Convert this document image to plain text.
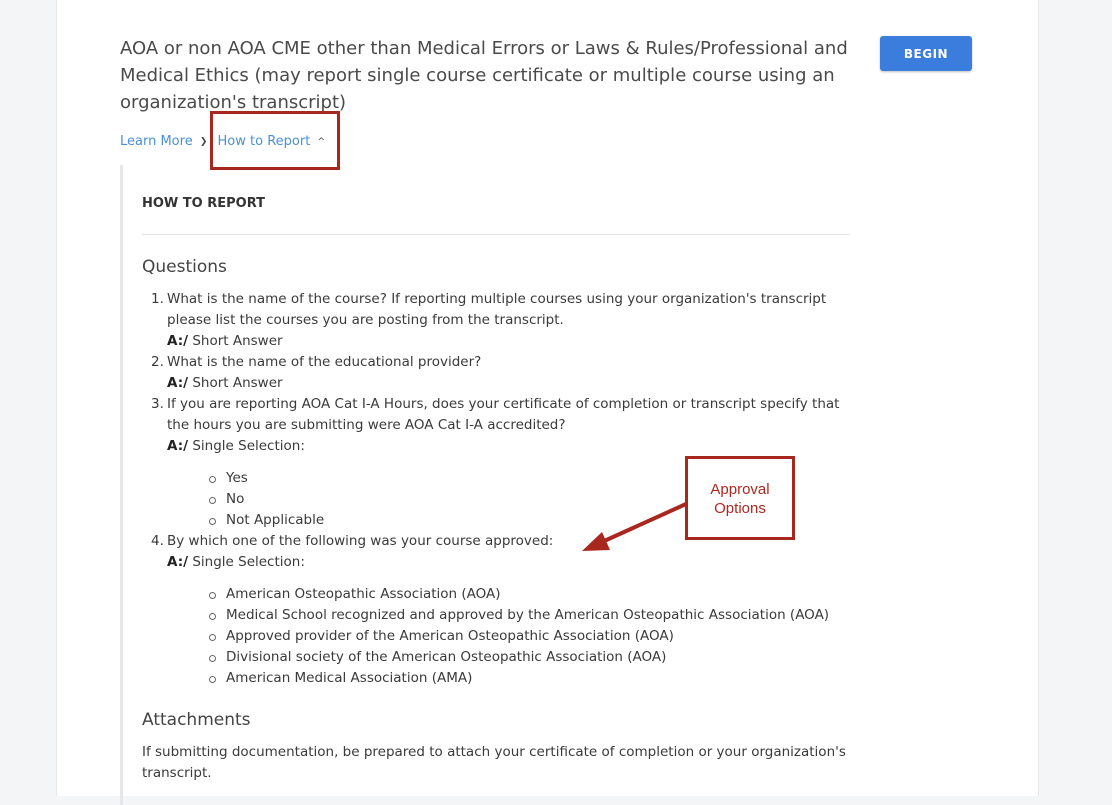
AOA or non AOA CME other than Medical Errors or Laws & Rules/Professional and Medical Ethics (may report single course certificate or multiple course using an organization's transcript)
BEGIN
Learn More ❯ How to Report ^
HOW TO REPORT
Questions
1. What is the name of the course? If reporting multiple courses using your organization's transcript please list the courses you are posting from the transcript.
A:/ Short Answer
2. What is the name of the educational provider?
A:/ Short Answer
3. If you are reporting AOA Cat I-A Hours, does your certificate of completion or transcript specify that the hours you are submitting were AOA Cat I-A accredited?
A:/ Single Selection:
Yes
No
Not Applicable
4. By which one of the following was your course approved:
A:/ Single Selection:
American Osteopathic Association (AOA)
Medical School recognized and approved by the American Osteopathic Association (AOA)
Approved provider of the American Osteopathic Association (AOA)
Divisional society of the American Osteopathic Association (AOA)
American Medical Association (AMA)
Attachments
If submitting documentation, be prepared to attach your certificate of completion or your organization's transcript.
Approval
Options
